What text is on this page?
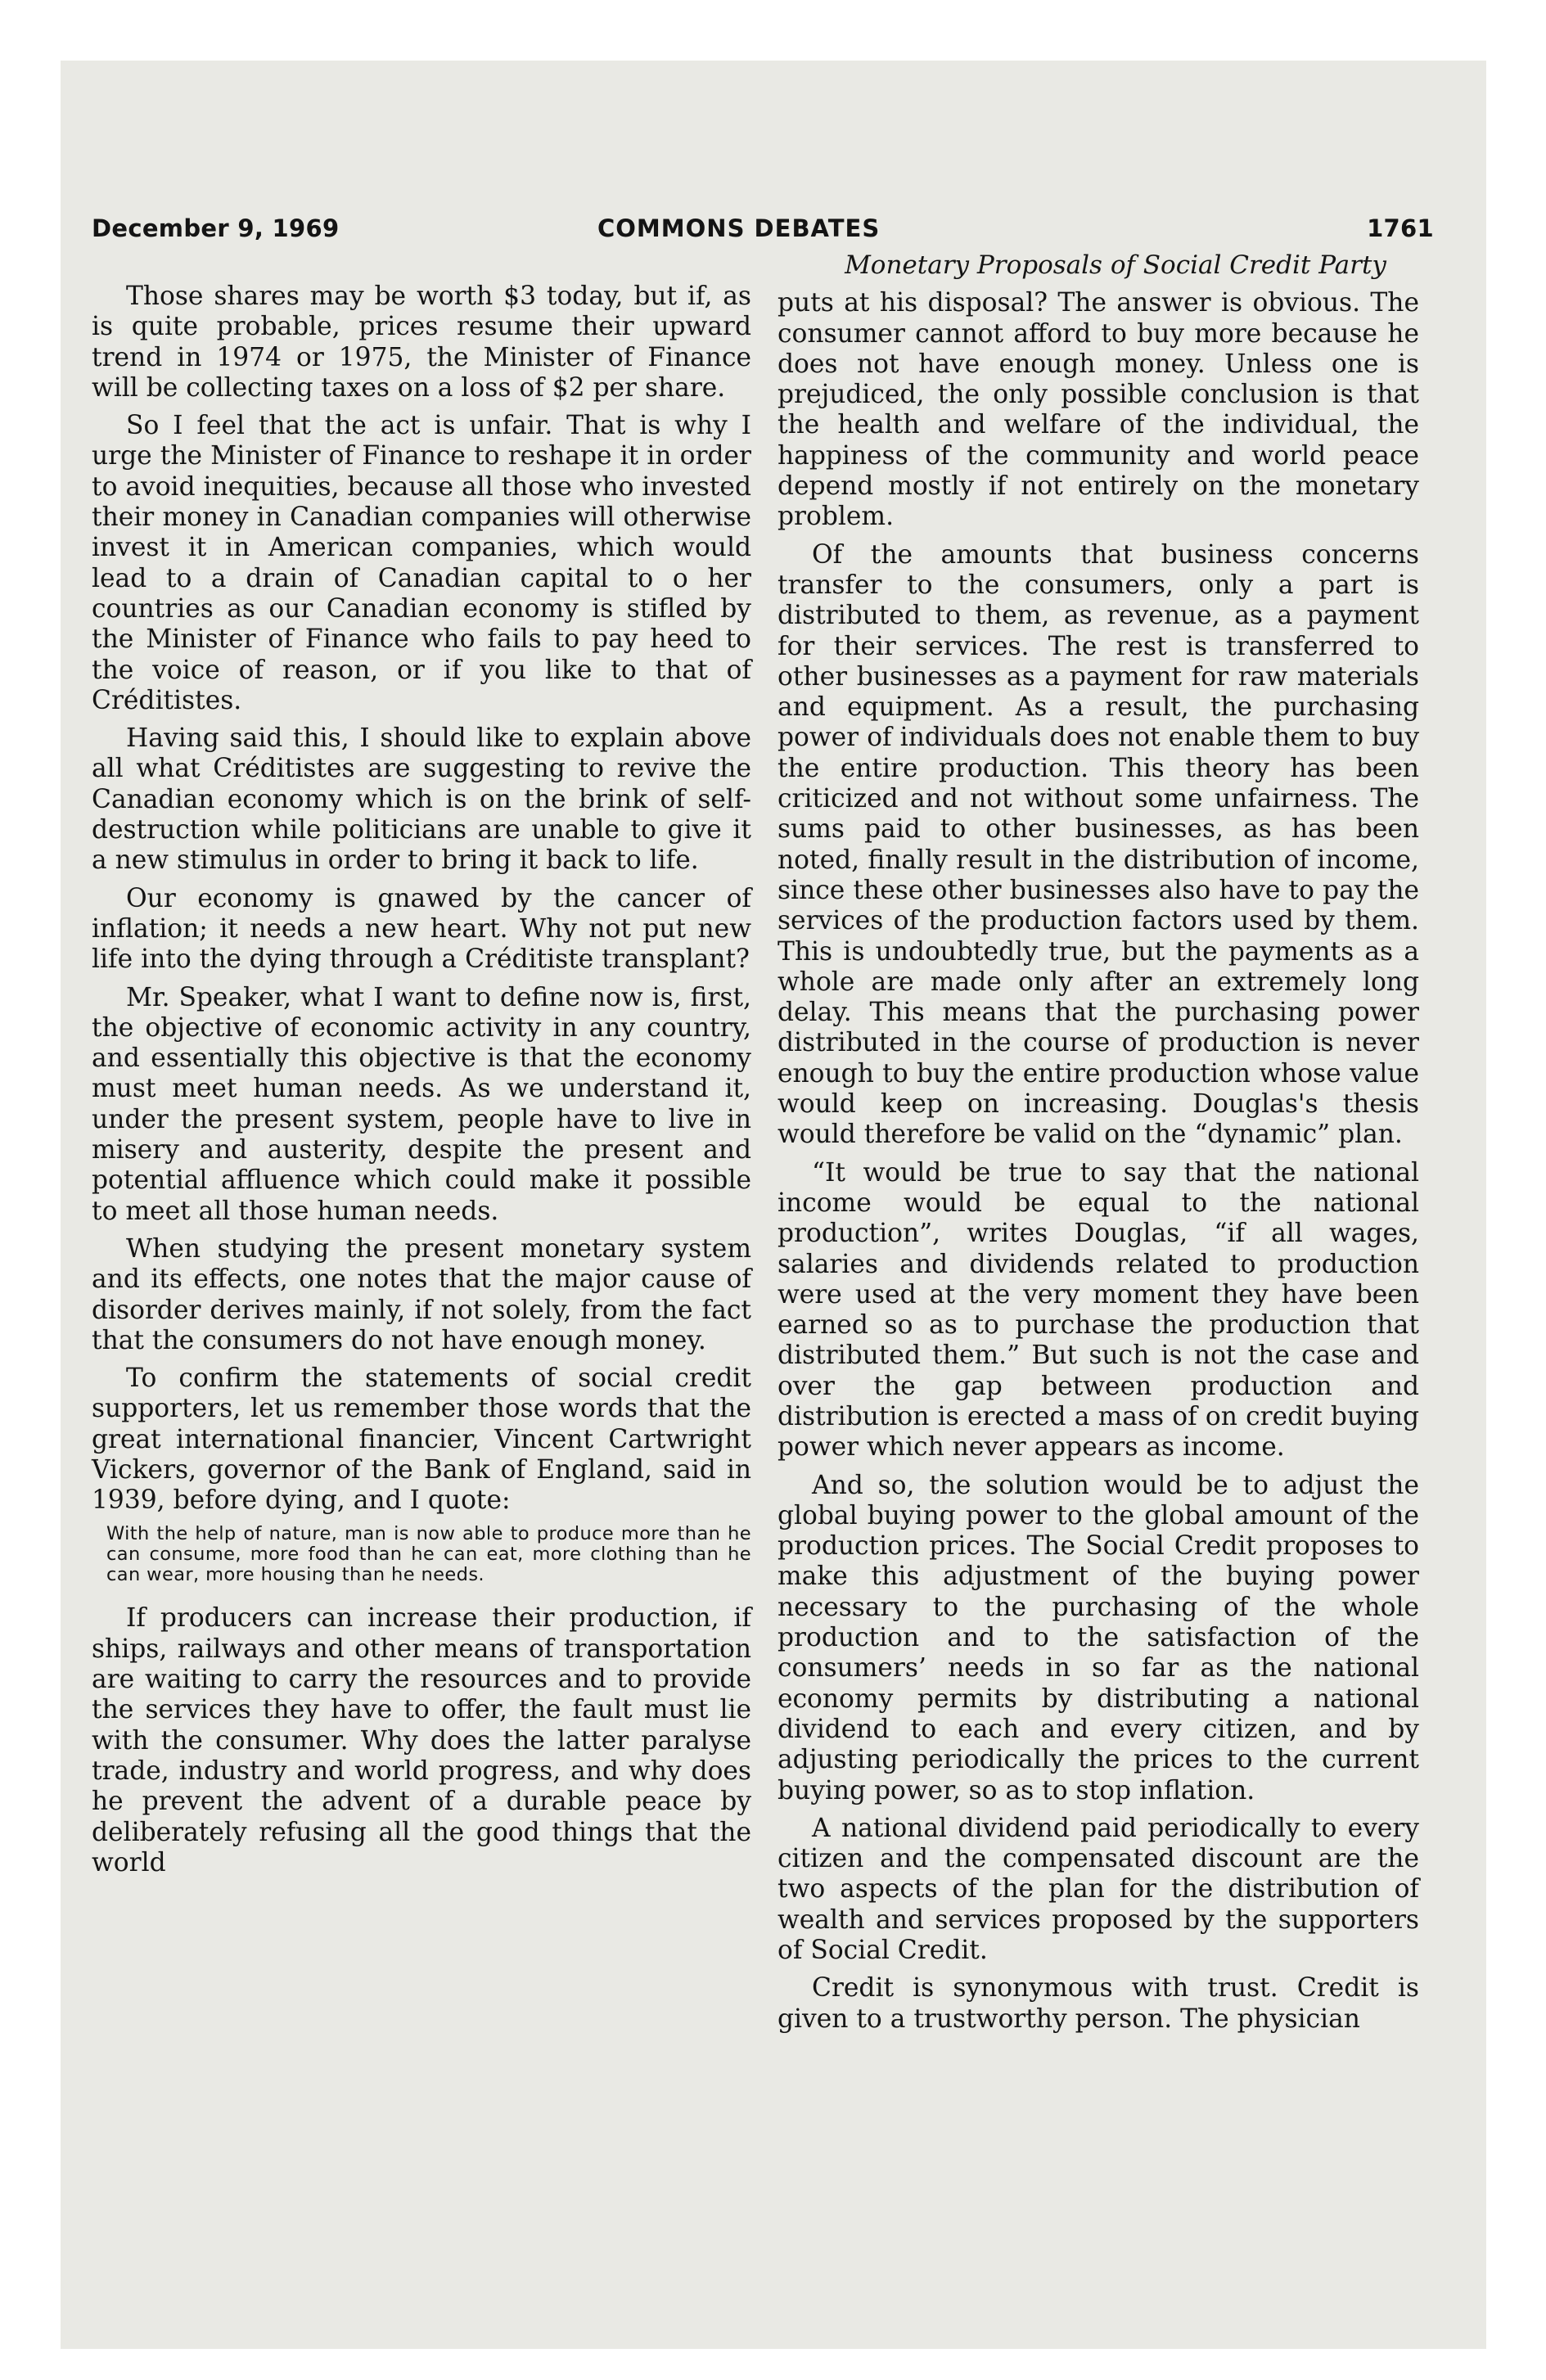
December 9, 1969	COMMONS DEBATES	1761

Those shares may be worth $3 today, but if, as is quite probable, prices resume their upward trend in 1974 or 1975, the Minister of Finance will be collecting taxes on a loss of $2 per share.

So I feel that the act is unfair. That is why I urge the Minister of Finance to reshape it in order to avoid inequities, because all those who invested their money in Canadian companies will otherwise invest it in American companies, which would lead to a drain of Canadian capital to o her countries as our Canadian economy is stifled by the Minister of Finance who fails to pay heed to the voice of reason, or if you like to that of Créditistes.

Having said this, I should like to explain above all what Créditistes are suggesting to revive the Canadian economy which is on the brink of self-destruction while politicians are unable to give it a new stimulus in order to bring it back to life.

Our economy is gnawed by the cancer of inflation; it needs a new heart. Why not put new life into the dying through a Créditiste transplant?

Mr. Speaker, what I want to define now is, first, the objective of economic activity in any country, and essentially this objective is that the economy must meet human needs. As we understand it, under the present system, people have to live in misery and austerity, despite the present and potential affluence which could make it possible to meet all those human needs.

When studying the present monetary system and its effects, one notes that the major cause of disorder derives mainly, if not solely, from the fact that the consumers do not have enough money.

To confirm the statements of social credit supporters, let us remember those words that the great international financier, Vincent Cartwright Vickers, governor of the Bank of England, said in 1939, before dying, and I quote:

With the help of nature, man is now able to produce more than he can consume, more food than he can eat, more clothing than he can wear, more housing than he needs.

If producers can increase their production, if ships, railways and other means of transportation are waiting to carry the resources and to provide the services they have to offer, the fault must lie with the consumer. Why does the latter paralyse trade, industry and world progress, and why does he prevent the advent of a durable peace by deliberately refusing all the good things that the world

Monetary Proposals of Social Credit Party

puts at his disposal? The answer is obvious. The consumer cannot afford to buy more because he does not have enough money. Unless one is prejudiced, the only possible conclusion is that the health and welfare of the individual, the happiness of the community and world peace depend mostly if not entirely on the monetary problem.

Of the amounts that business concerns transfer to the consumers, only a part is distributed to them, as revenue, as a payment for their services. The rest is transferred to other businesses as a payment for raw materials and equipment. As a result, the purchasing power of individuals does not enable them to buy the entire production. This theory has been criticized and not without some unfairness. The sums paid to other businesses, as has been noted, finally result in the distribution of income, since these other businesses also have to pay the services of the production factors used by them. This is undoubtedly true, but the payments as a whole are made only after an extremely long delay. This means that the purchasing power distributed in the course of production is never enough to buy the entire production whose value would keep on increasing. Douglas's thesis would therefore be valid on the “dynamic” plan.

“It would be true to say that the national income would be equal to the national production”, writes Douglas, “if all wages, salaries and dividends related to production were used at the very moment they have been earned so as to purchase the production that distributed them.” But such is not the case and over the gap between production and distribution is erected a mass of on credit buying power which never appears as income.

And so, the solution would be to adjust the global buying power to the global amount of the production prices. The Social Credit proposes to make this adjustment of the buying power necessary to the purchasing of the whole production and to the satisfaction of the consumers’ needs in so far as the national economy permits by distributing a national dividend to each and every citizen, and by adjusting periodically the prices to the current buying power, so as to stop inflation.

A national dividend paid periodically to every citizen and the compensated discount are the two aspects of the plan for the distribution of wealth and services proposed by the supporters of Social Credit.

Credit is synonymous with trust. Credit is given to a trustworthy person. The physician
